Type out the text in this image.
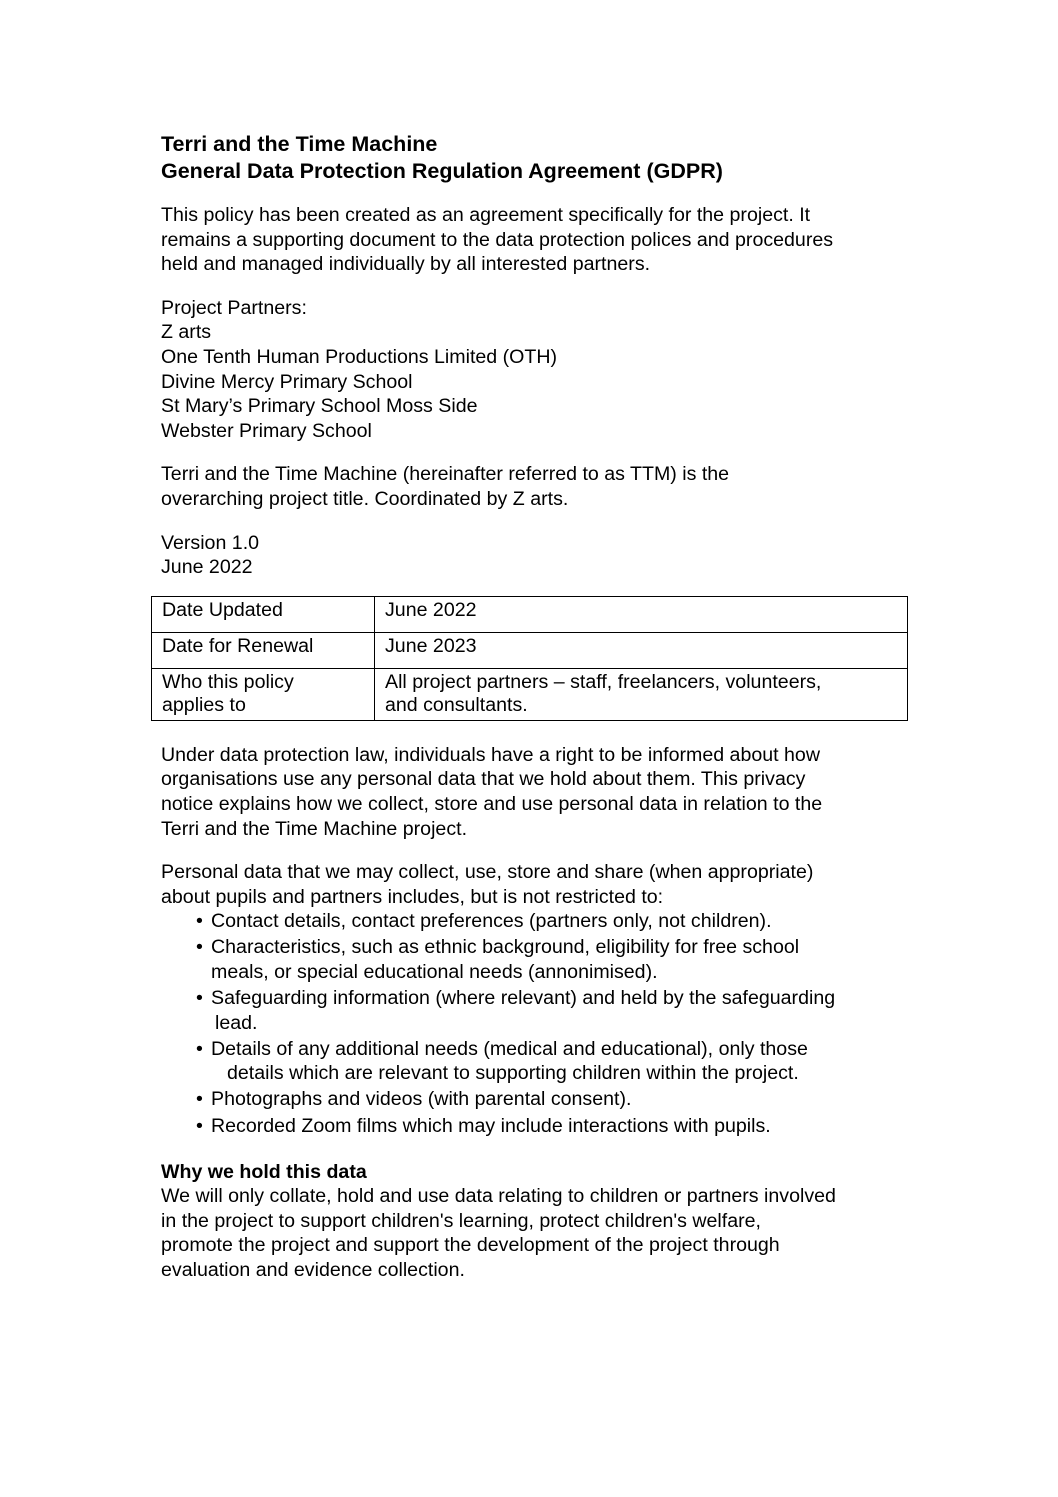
Terri and the Time Machine
General Data Protection Regulation Agreement (GDPR)

This policy has been created as an agreement specifically for the project. It
remains a supporting document to the data protection polices and procedures
held and managed individually by all interested partners.

Project Partners:
Z arts
One Tenth Human Productions Limited (OTH)
Divine Mercy Primary School
St Mary’s Primary School Moss Side
Webster Primary School

Terri and the Time Machine (hereinafter referred to as TTM) is the
overarching project title. Coordinated by Z arts.

Version 1.0
June 2022

Date Updated	June 2022
Date for Renewal	June 2023
Who this policy
applies to	All project partners – staff, freelancers, volunteers,
and consultants.

Under data protection law, individuals have a right to be informed about how
organisations use any personal data that we hold about them. This privacy
notice explains how we collect, store and use personal data in relation to the
Terri and the Time Machine project.

Personal data that we may collect, use, store and share (when appropriate)
about pupils and partners includes, but is not restricted to:

• Contact details, contact preferences (partners only, not children).
• Characteristics, such as ethnic background, eligibility for free school
meals, or special educational needs (annonimised).
• Safeguarding information (where relevant) and held by the safeguarding
lead.
• Details of any additional needs (medical and educational), only those
details which are relevant to supporting children within the project.
• Photographs and videos (with parental consent).
• Recorded Zoom films which may include interactions with pupils.

Why we hold this data

We will only collate, hold and use data relating to children or partners involved
in the project to support children's learning, protect children's welfare,
promote the project and support the development of the project through
evaluation and evidence collection.
